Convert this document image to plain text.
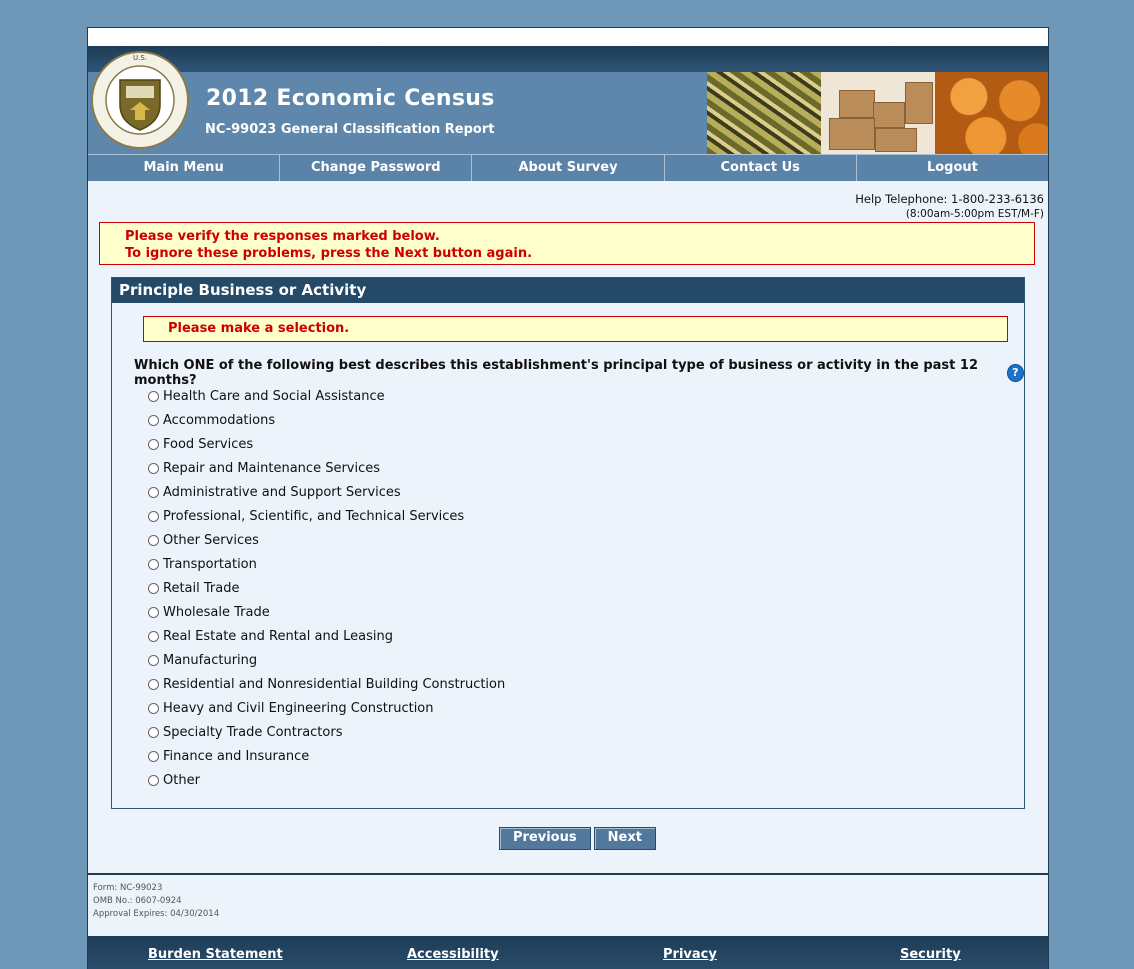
U.S.
2012 Economic Census
NC-99023 General Classification Report
Main Menu	Change Password	About Survey	Contact Us	Logout
Help Telephone: 1-800-233-6136
(8:00am-5:00pm EST/M-F)
Please verify the responses marked below.
To ignore these problems, press the Next button again.
Principle Business or Activity
Please make a selection.
Which ONE of the following best describes this establishment's principal type of business or activity in the past 12 months?
?
Health Care and Social Assistance
Accommodations
Food Services
Repair and Maintenance Services
Administrative and Support Services
Professional, Scientific, and Technical Services
Other Services
Transportation
Retail Trade
Wholesale Trade
Real Estate and Rental and Leasing
Manufacturing
Residential and Nonresidential Building Construction
Heavy and Civil Engineering Construction
Specialty Trade Contractors
Finance and Insurance
Other
Previous	Next
Form: NC-99023
OMB No.: 0607-0924
Approval Expires: 04/30/2014
Burden Statement	Accessibility	Privacy	Security
